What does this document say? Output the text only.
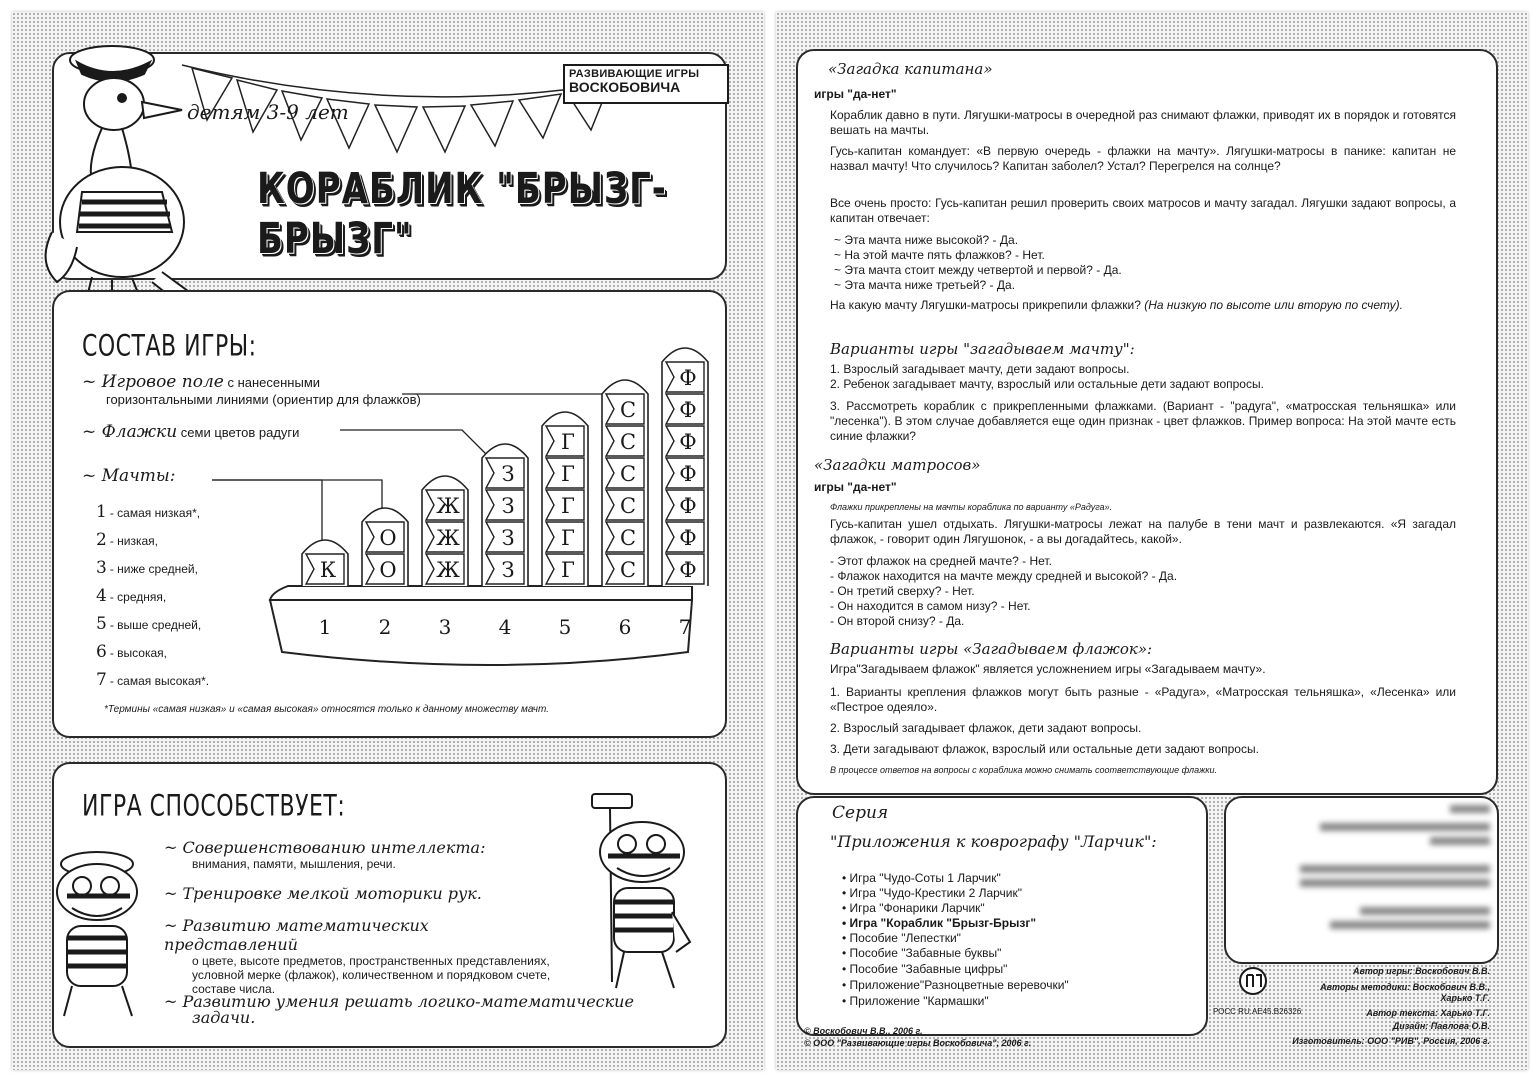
РАЗВИВАЮЩИЕ ИГРЫ
ВОСКОБОВИЧА
детям 3-9 лет
КОРАБЛИК "БРЫЗГ-БРЫЗГ"
СОСТАВ ИГРЫ:
~ Игровое поле с нанесенными
горизонтальными линиями (ориентир для флажков)
~ Флажки семи цветов радуги
~ Мачты:
1 - самая низкая*,
2 - низкая,
3 - ниже средней,
4 - средняя,
5 - выше средней,
6 - высокая,
7 - самая высокая*.
К
1
О
О
2
Ж
Ж
Ж
3
З
З
З
З
4
Г
Г
Г
Г
Г
5
С
С
С
С
С
С
6
Ф
Ф
Ф
Ф
Ф
Ф
Ф
7
*Термины «самая низкая» и «самая высокая» относятся только к данному множеству мачт.
ИГРА СПОСОБСТВУЕТ:
~ Совершенствованию интеллекта:
внимания, памяти, мышления, речи.
~ Тренировке мелкой моторики рук.
~ Развитию математических представлений
о цвете, высоте предметов, пространственных представлениях, условной мерке (флажок), количественном и порядковом счете, составе числа.
~ Развитию умения решать логико-математические
задачи.
«Загадка капитана»
игры "да-нет"
Кораблик давно в пути. Лягушки-матросы в очередной раз снимают флажки, приводят их в порядок и готовятся вешать на мачты.
Гусь-капитан командует: «В первую очередь - флажки на мачту». Лягушки-матросы в панике: капитан не назвал мачту! Что случилось? Капитан заболел? Устал? Перегрелся на солнце?
Все очень просто: Гусь-капитан решил проверить своих матросов и мачту загадал. Лягушки задают вопросы, а капитан отвечает:
~ Эта мачта ниже высокой? - Да.
~ На этой мачте пять флажков? - Нет.
~ Эта мачта стоит между четвертой и первой? - Да.
~ Эта мачта ниже третьей? - Да.
На какую мачту Лягушки-матросы прикрепили флажки? (На низкую по высоте или вторую по счету).
Варианты игры "загадываем мачту":
1. Взрослый загадывает мачту, дети задают вопросы.
2. Ребенок загадывает мачту, взрослый или остальные дети задают вопросы.
3. Рассмотреть кораблик с прикрепленными флажками. (Вариант - "радуга", «матросская тельняшка» или "лесенка"). В этом случае добавляется еще один признак - цвет флажков. Пример вопроса: На этой мачте есть синие флажки?
«Загадки матросов»
игры "да-нет"
Флажки прикреплены на мачты кораблика по варианту «Радуга».
Гусь-капитан ушел отдыхать. Лягушки-матросы лежат на палубе в тени мачт и развлекаются. «Я загадал флажок, - говорит один Лягушонок, - а вы догадайтесь, какой».
- Этот флажок на средней мачте? - Нет.
- Флажок находится на мачте между средней и высокой? - Да.
- Он третий сверху? - Нет.
- Он находится в самом низу? - Нет.
- Он второй снизу? - Да.
Варианты игры «Загадываем флажок»:
Игра"Загадываем флажок" является усложнением игры «Загадываем мачту».
1. Варианты крепления флажков могут быть разные - «Радуга», «Матросская тельняшка», «Лесенка» или «Пестрое одеяло».
2. Взрослый загадывает флажок, дети задают вопросы.
3. Дети загадывают флажок, взрослый или остальные дети задают вопросы.
В процессе ответов на вопросы с кораблика можно снимать соответствующие флажки.
Серия
"Приложения к коврографу "Ларчик":
• Игра "Чудо-Соты 1 Ларчик"
• Игра "Чудо-Крестики 2 Ларчик"
• Игра "Фонарики Ларчик"
• Игра "Кораблик "Брызг-Брызг"
• Пособие "Лепестки"
• Пособие "Забавные буквы"
• Пособие "Забавные цифры"
• Приложение"Разноцветные веревочки"
• Приложение "Кармашки"
РОСС RU.AE45.B26326
Автор игры: Воскобович В.В.
Авторы методики: Воскобович В.В.,
Харько Т.Г.
Автор текста: Харько Т.Г.
Дизайн: Павлова О.В.
Изготовитель: ООО "РИВ", Россия, 2006 г.
© Воскобович В.В., 2006 г.
© ООО "Развивающие игры Воскобовича", 2006 г.
